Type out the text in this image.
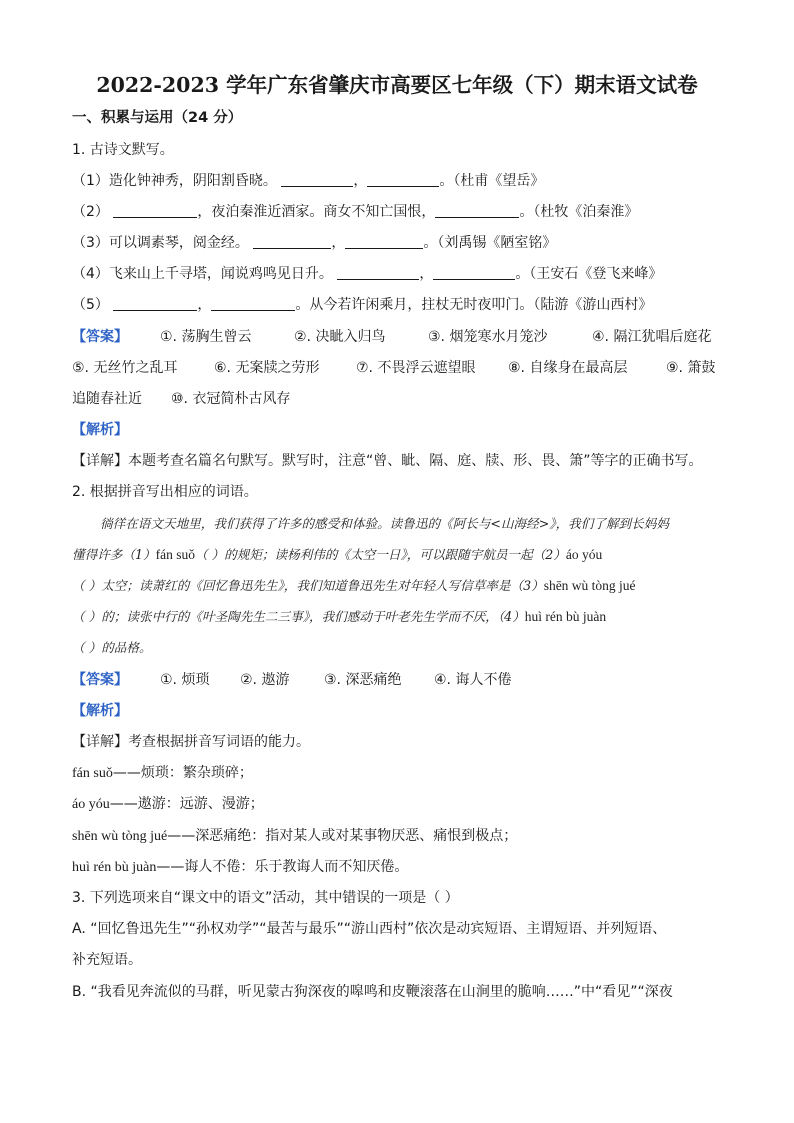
2022-2023 学年广东省肇庆市高要区七年级（下）期末语文试卷
一、积累与运用（24 分）
1. 古诗文默写。
（1）造化钟神秀，阴阳割昏晓。	，	。（杜甫《望岳》
（2）	，夜泊秦淮近酒家。商女不知亡国恨，	。（杜牧《泊秦淮》
（3）可以调素琴，阅金经。	，	。（刘禹锡《陋室铭》
（4）飞来山上千寻塔，闻说鸡鸣见日升。	，	。（王安石《登飞来峰》
（5）	，	。从今若许闲乘月，拄杖无时夜叩门。（陆游《游山西村》
【答案】 ①. 荡胸生曾云	②. 决眦入归鸟	③. 烟笼寒水月笼沙	④. 隔江犹唱后庭花
⑤. 无丝竹之乱耳	⑥. 无案牍之劳形	⑦. 不畏浮云遮望眼 ⑧. 自缘身在最高层	⑨. 箫鼓
追随春社近 ⑩. 衣冠简朴古风存
【解析】
【详解】本题考查名篇名句默写。默写时，注意“曾、眦、隔、庭、牍、形、畏、箫”等字的正确书写。
2. 根据拼音写出相应的词语。
徜徉在语文天地里，我们获得了许多的感受和体验。读鲁迅的《阿长与<山海经>》，我们了解到长妈妈
懂得许多（1）fán suǒ（ ）的规矩；读杨利伟的《太空一日》，可以跟随宇航员一起（2）áo yóu
（ ）太空；读萧红的《回忆鲁迅先生》，我们知道鲁迅先生对年轻人写信草率是（3）shēn wù tòng jué
（ ）的；读张中行的《叶圣陶先生二三事》，我们感动于叶老先生学而不厌，（4）huì rén bù juàn
（ ）的品格。
【答案】 ①. 烦琐 ②. 遨游 ③. 深恶痛绝 ④. 诲人不倦
【解析】
【详解】考查根据拼音写词语的能力。
fán suǒ——烦琐：繁杂琐碎；
áo yóu——遨游：远游、漫游；
shēn wù tòng jué——深恶痛绝：指对某人或对某事物厌恶、痛恨到极点；
huì rén bù juàn——诲人不倦：乐于教诲人而不知厌倦。
3. 下列选项来自“课文中的语文”活动，其中错误的一项是（ ）
A. “回忆鲁迅先生”“孙权劝学”“最苦与最乐”“游山西村”依次是动宾短语、主谓短语、并列短语、
补充短语。
B. “我看见奔流似的马群，听见蒙古狗深夜的嗥鸣和皮鞭滚落在山涧里的脆响……”中“看见”“深夜
